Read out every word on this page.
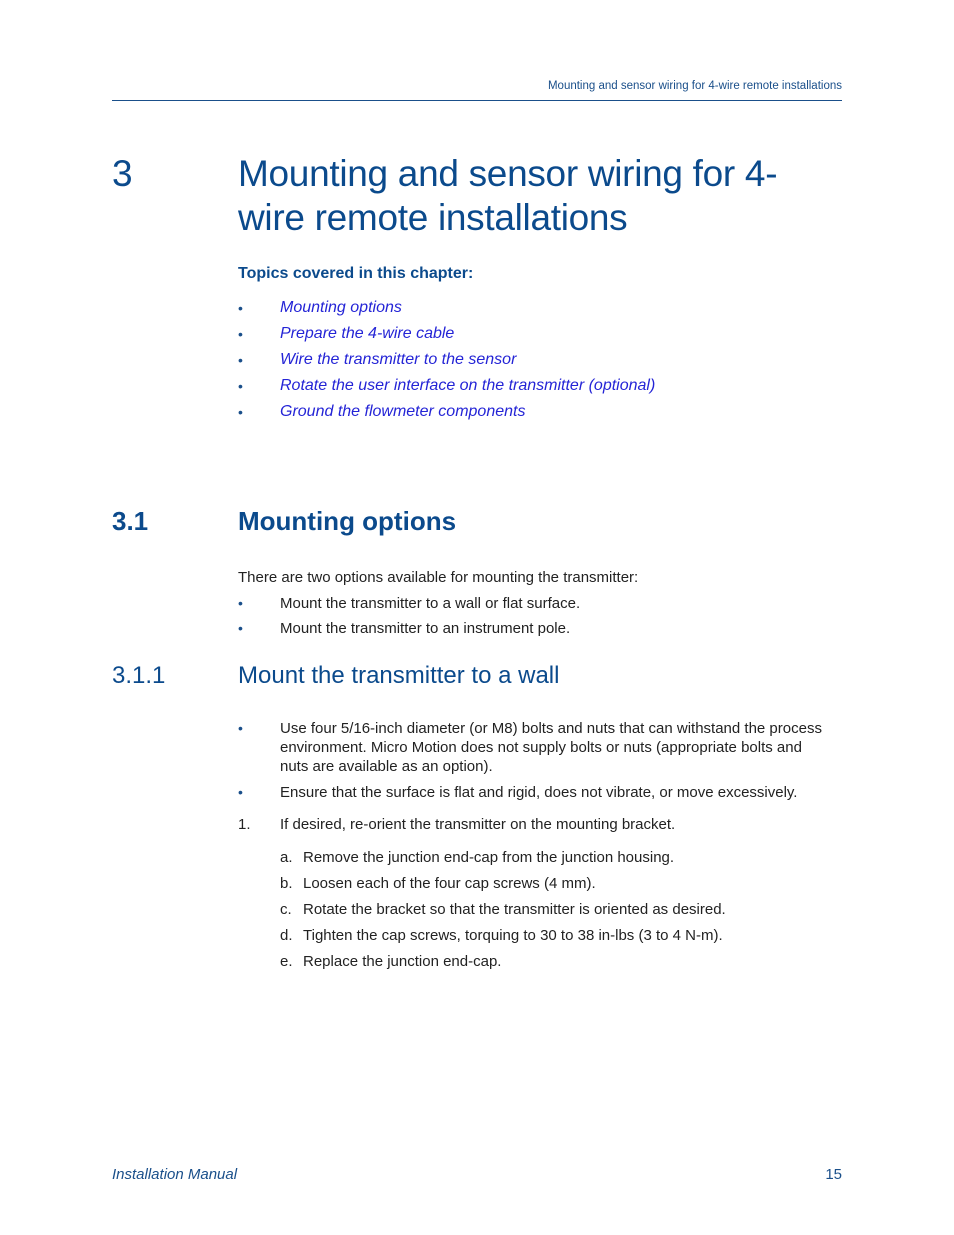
Mounting and sensor wiring for 4-wire remote installations
3	Mounting and sensor wiring for 4-wire remote installations
Topics covered in this chapter:
• Mounting options
• Prepare the 4-wire cable
• Wire the transmitter to the sensor
• Rotate the user interface on the transmitter (optional)
• Ground the flowmeter components
3.1	Mounting options
There are two options available for mounting the transmitter:
• Mount the transmitter to a wall or flat surface.
• Mount the transmitter to an instrument pole.
3.1.1	Mount the transmitter to a wall
• Use four 5/16-inch diameter (or M8) bolts and nuts that can withstand the process environment. Micro Motion does not supply bolts or nuts (appropriate bolts and nuts are available as an option).
• Ensure that the surface is flat and rigid, does not vibrate, or move excessively.
1. If desired, re-orient the transmitter on the mounting bracket.
a. Remove the junction end-cap from the junction housing.
b. Loosen each of the four cap screws (4 mm).
c. Rotate the bracket so that the transmitter is oriented as desired.
d. Tighten the cap screws, torquing to 30 to 38 in-lbs (3 to 4 N-m).
e. Replace the junction end-cap.
Installation Manual	15
